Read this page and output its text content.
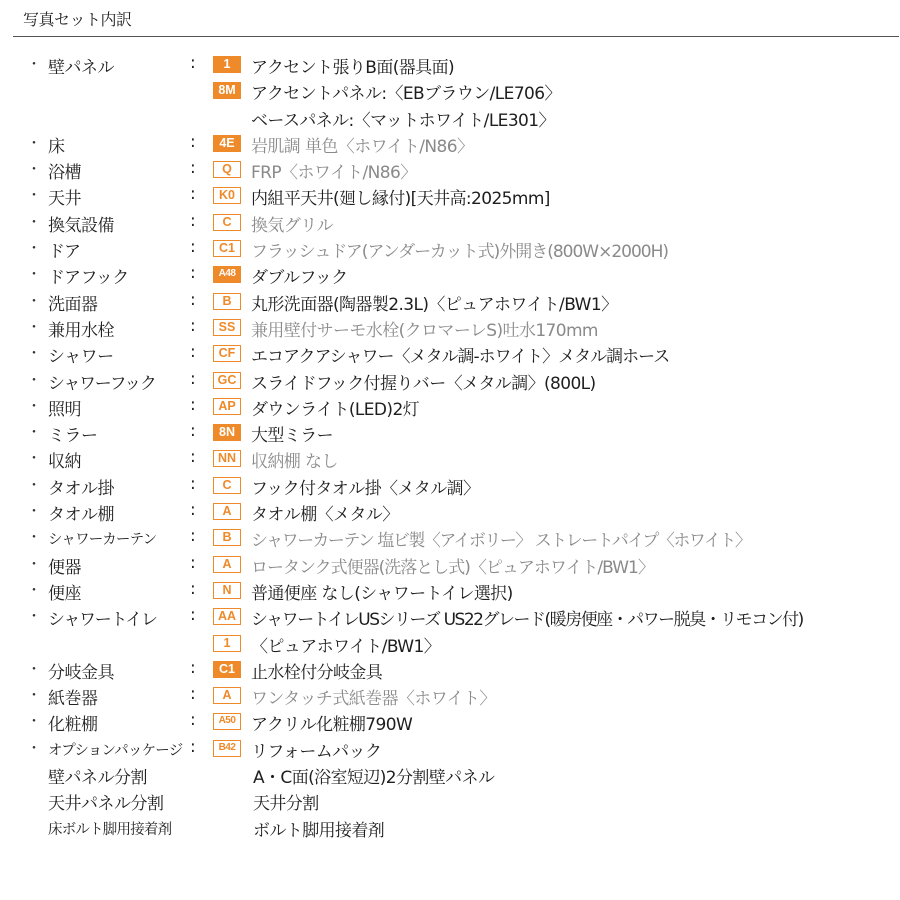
写真セット内訳
・ 壁パネル	:	1	アクセント張りB面(器具面)
8M アクセントパネル:〈EBブラウン/LE706〉
ベースパネル:〈マットホワイト/LE301〉
・ 床	:	4E 岩肌調 単色〈ホワイト/N86〉
・ 浴槽	:	Q	FRP〈ホワイト/N86〉
・ 天井	:	K0 内組平天井(廻し縁付)[天井高:2025mm]
・ 換気設備	:	C	換気グリル
・ ドア	:	C1 フラッシュドア(アンダーカット式)外開き(800W×2000H)
・ ドアフック	:	A48 ダブルフック
・ 洗面器	:	B	丸形洗面器(陶器製2.3L)〈ピュアホワイト/BW1〉
・ 兼用水栓	:	SS 兼用壁付サーモ水栓(クロマーレS)吐水170mm
・ シャワー	:	CF エコアクアシャワー〈メタル調-ホワイト〉メタル調ホース
・ シャワーフック :	GC スライドフック付握りバー〈メタル調〉(800L)
・ 照明	:	AP ダウンライト(LED)2灯
・ ミラー	:	8N 大型ミラー
・ 収納	:	NN 収納棚 なし
・ タオル掛	:	C	フック付タオル掛〈メタル調〉
・ タオル棚	:	A	タオル棚〈メタル〉
・ シャワーカーテン :	B	シャワーカーテン 塩ビ製〈アイボリー〉 ストレートパイプ〈ホワイト〉
・ 便器	:	A	ロータンク式便器(洗落とし式)〈ピュアホワイト/BW1〉
・ 便座	:	N	普通便座 なし(シャワートイレ選択)
・ シャワートイレ :	AA シャワートイレUSシリーズ US22グレード(暖房便座・パワー脱臭・リモコン付)
1	〈ピュアホワイト/BW1〉
・ 分岐金具	:	C1 止水栓付分岐金具
・ 紙巻器	:	A	ワンタッチ式紙巻器〈ホワイト〉
・ 化粧棚	:	A50 アクリル化粧棚790W
・ オプションパッケージ :	B42 リフォームパック
壁パネル分割	A・C面(浴室短辺)2分割壁パネル
天井パネル分割	天井分割
床ボルト脚用接着剤	ボルト脚用接着剤
